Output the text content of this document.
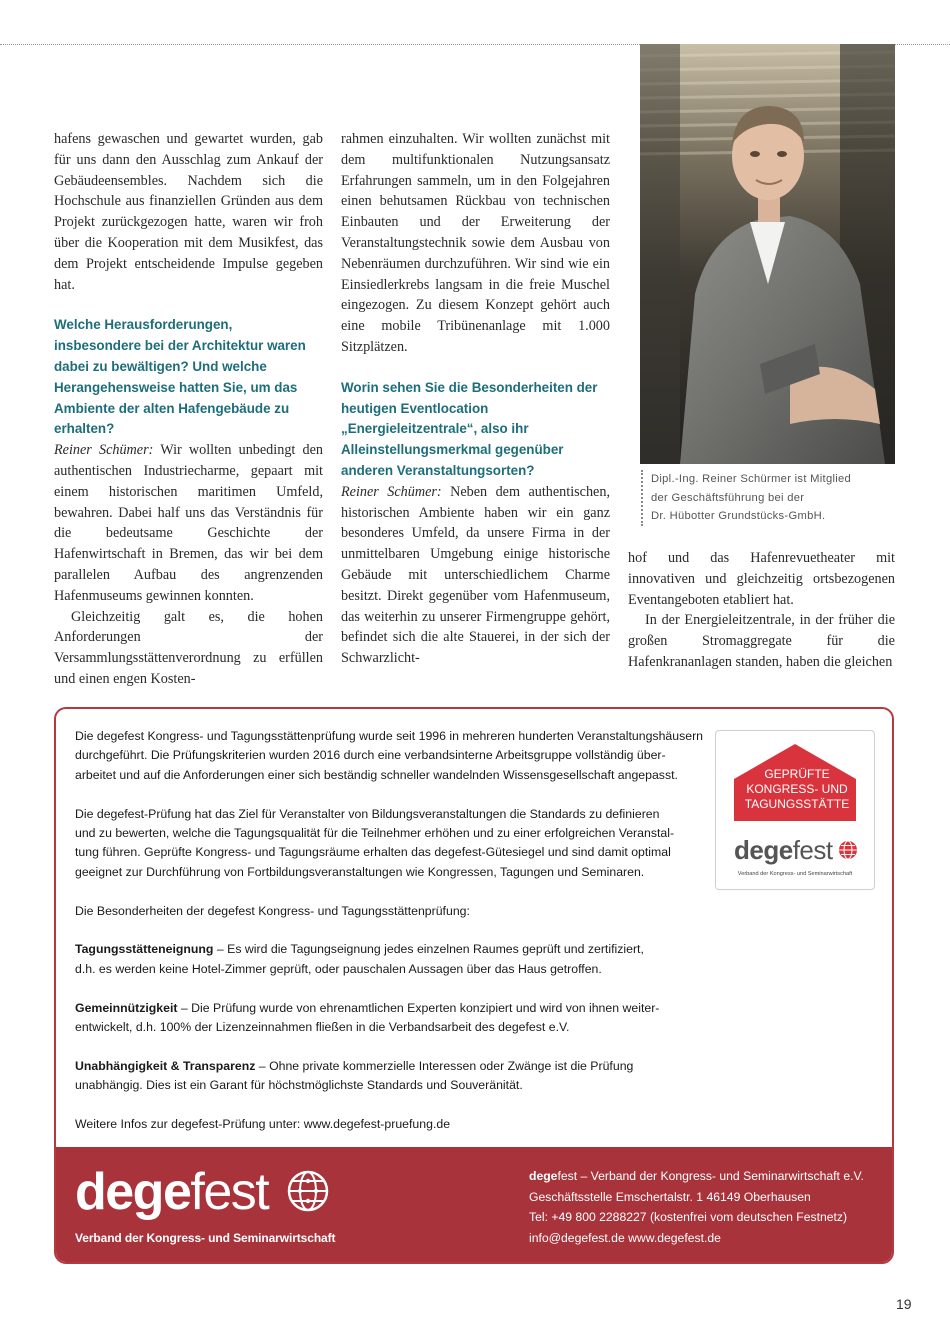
hafens gewaschen und gewartet wurden, gab für uns dann den Ausschlag zum Ankauf der Gebäudeensembles. Nachdem sich die Hochschule aus finanziellen Gründen aus dem Projekt zurückgezogen hatte, waren wir froh über die Kooperation mit dem Musikfest, das dem Projekt entscheidende Impulse gegeben hat.

Welche Herausforderungen, insbesondere bei der Architektur waren dabei zu bewältigen? Und welche Herangehensweise hatten Sie, um das Ambiente der alten Hafengebäude zu erhalten?

Reiner Schümer: Wir wollten unbedingt den authentischen Industriecharme, gepaart mit einem historischen maritimen Umfeld, bewahren. Dabei half uns das Verständnis für die bedeutsame Geschichte der Hafenwirtschaft in Bremen, das wir bei dem parallelen Aufbau des angrenzenden Hafenmuseums gewinnen konnten.

Gleichzeitig galt es, die hohen Anforderungen der Versammlungsstättenverordnung zu erfüllen und einen engen Kosten-

rahmen einzuhalten. Wir wollten zunächst mit dem multifunktionalen Nutzungsansatz Erfahrungen sammeln, um in den Folgejahren einen behutsamen Rückbau von technischen Einbauten und der Erweiterung der Veranstaltungstechnik sowie dem Ausbau von Nebenräumen durchzuführen. Wir sind wie ein Einsiedlerkrebs langsam in die freie Muschel eingezogen. Zu diesem Konzept gehört auch eine mobile Tribünenanlage mit 1.000 Sitzplätzen.

Worin sehen Sie die Besonderheiten der heutigen Eventlocation „Energieleitzentrale“, also ihr Alleinstellungsmerkmal gegenüber anderen Veranstaltungsorten?

Reiner Schümer: Neben dem authentischen, historischen Ambiente haben wir ein ganz besonderes Umfeld, da unsere Firma in der unmittelbaren Umgebung einige historische Gebäude mit unterschiedlichem Charme besitzt. Direkt gegenüber vom Hafenmuseum, das weiterhin zu unserer Firmengruppe gehört, befindet sich die alte Stauerei, in der sich der Schwarzlicht-

Dipl.-Ing. Reiner Schürmer ist Mitglied
der Geschäftsführung bei der
Dr. Hübotter Grundstücks-GmbH.

hof und das Hafenrevuetheater mit innovativen und gleichzeitig ortsbezogenen Eventangeboten etabliert hat.

In der Energieleitzentrale, in der früher die großen Stromaggregate für die Hafenkrananlagen standen, haben die gleichen

Die degefest Kongress- und Tagungsstättenprüfung wurde seit 1996 in mehreren hunderten Veranstaltungshäusern
durchgeführt. Die Prüfungskriterien wurden 2016 durch eine verbandsinterne Arbeitsgruppe vollständig über-
arbeitet und auf die Anforderungen einer sich beständig schneller wandelnden Wissensgesellschaft angepasst.

Die degefest-Prüfung hat das Ziel für Veranstalter von Bildungsveranstaltungen die Standards zu definieren
und zu bewerten, welche die Tagungsqualität für die Teilnehmer erhöhen und zu einer erfolgreichen Veranstal-
tung führen. Geprüfte Kongress- und Tagungsräume erhalten das degefest-Gütesiegel und sind damit optimal
geeignet zur Durchführung von Fortbildungsveranstaltungen wie Kongressen, Tagungen und Seminaren.

Die Besonderheiten der degefest Kongress- und Tagungsstättenprüfung:

Tagungsstätteneignung – Es wird die Tagungseignung jedes einzelnen Raumes geprüft und zertifiziert,
d.h. es werden keine Hotel-Zimmer geprüft, oder pauschalen Aussagen über das Haus getroffen.

Gemeinnützigkeit – Die Prüfung wurde von ehrenamtlichen Experten konzipiert und wird von ihnen weiter-
entwickelt, d.h. 100% der Lizenzeinnahmen fließen in die Verbandsarbeit des degefest e.V.

Unabhängigkeit & Transparenz – Ohne private kommerzielle Interessen oder Zwänge ist die Prüfung
unabhängig. Dies ist ein Garant für höchstmöglichste Standards und Souveränität.

Weitere Infos zur degefest-Prüfung unter: www.degefest-pruefung.de

GEPRÜFTE
KONGRESS- UND
TAGUNGSSTÄTTE
degefest
Verband der Kongress- und Seminarwirtschaft
degefest
Verband der Kongress- und Seminarwirtschaft
degefest – Verband der Kongress- und Seminarwirtschaft e.V.
Geschäftsstelle Emschertalstr. 1 46149 Oberhausen
Tel: +49 800 2288227 (kostenfrei vom deutschen Festnetz)
info@degefest.de www.degefest.de
19
